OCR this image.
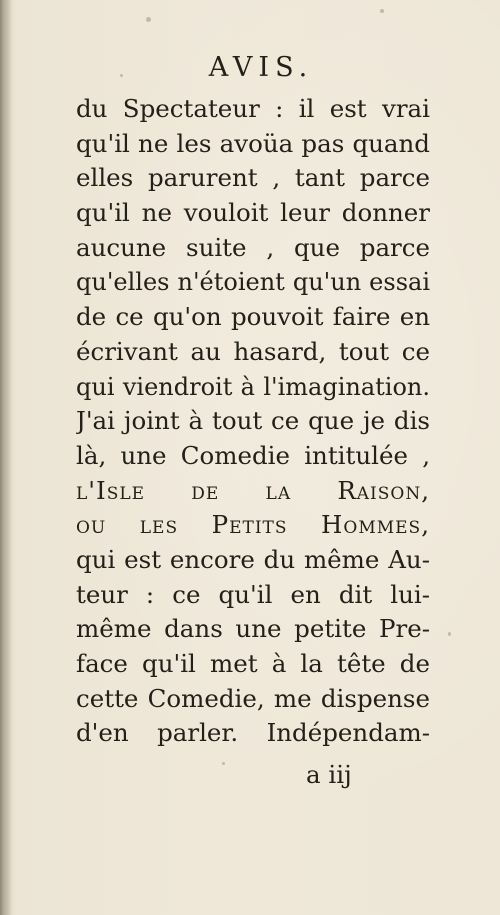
AVIS.
du Spectateur : il est vrai
qu'il ne les avoüa pas quand
elles parurent , tant parce
qu'il ne vouloit leur donner
aucune suite , que parce
qu'elles n'étoient qu'un essai
de ce qu'on pouvoit faire en
écrivant au hasard, tout ce
qui viendroit à l'imagination.
J'ai joint à tout ce que je dis
là, une Comedie intitulée ,
l'Isle de la Raison,
ou les Petits Hommes,
qui est encore du même Au-
teur : ce qu'il en dit lui-
même dans une petite Pre-
face qu'il met à la tête de
cette Comedie, me dispense
d'en parler. Indépendam-
a iij
